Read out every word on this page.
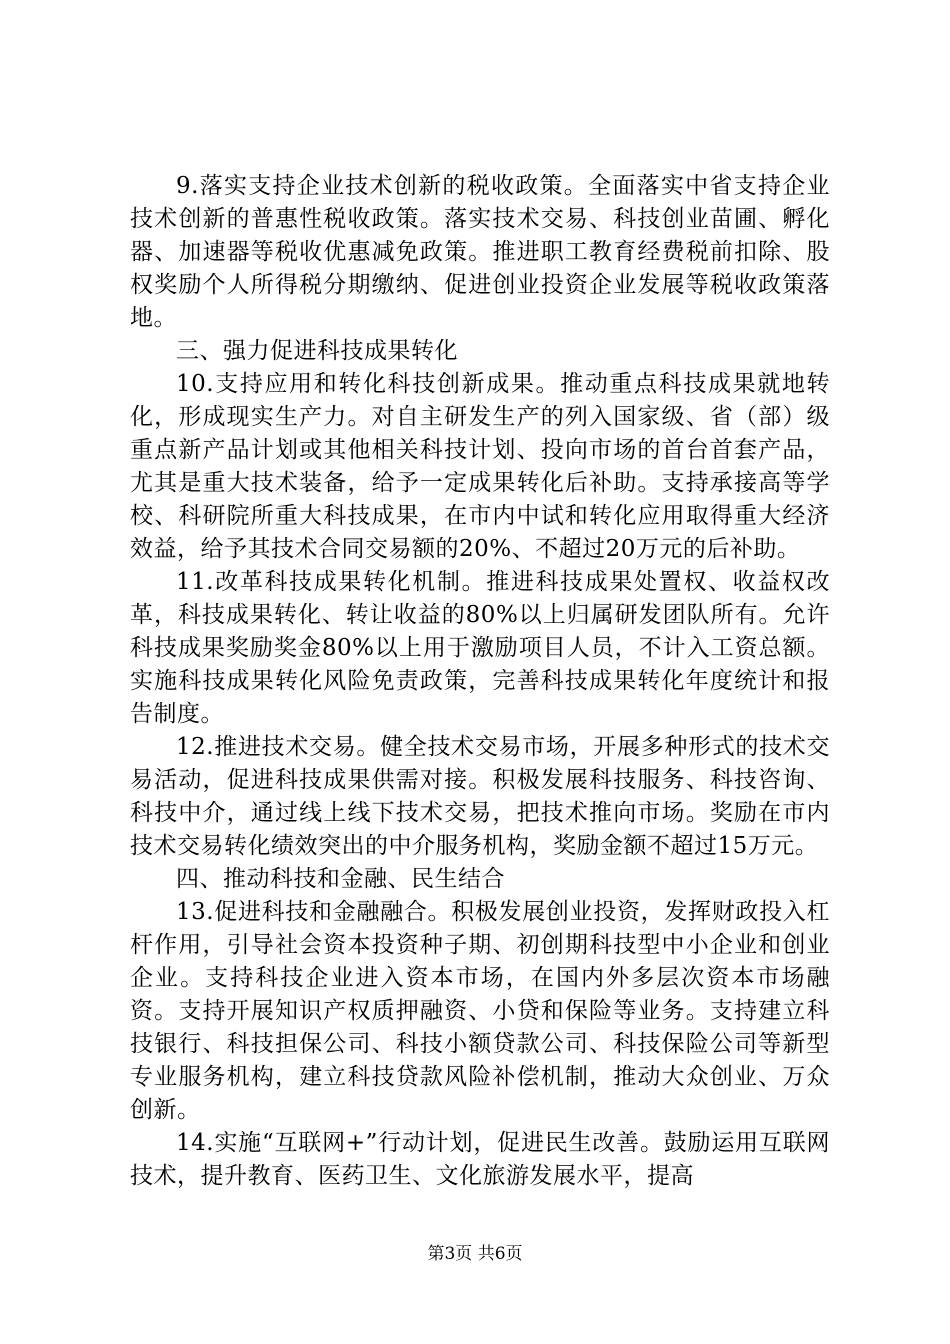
9.落实支持企业技术创新的税收政策。全面落实中省支持企业技术创新的普惠性税收政策。落实技术交易、科技创业苗圃、孵化器、加速器等税收优惠减免政策。推进职工教育经费税前扣除、股权奖励个人所得税分期缴纳、促进创业投资企业发展等税收政策落地。

三、强力促进科技成果转化

10.支持应用和转化科技创新成果。推动重点科技成果就地转化，形成现实生产力。对自主研发生产的列入国家级、省（部）级重点新产品计划或其他相关科技计划、投向市场的首台首套产品，尤其是重大技术装备，给予一定成果转化后补助。支持承接高等学校、科研院所重大科技成果，在市内中试和转化应用取得重大经济效益，给予其技术合同交易额的20%、不超过20万元的后补助。

11.改革科技成果转化机制。推进科技成果处置权、收益权改革，科技成果转化、转让收益的80%以上归属研发团队所有。允许科技成果奖励奖金80%以上用于激励项目人员，不计入工资总额。实施科技成果转化风险免责政策，完善科技成果转化年度统计和报告制度。

12.推进技术交易。健全技术交易市场，开展多种形式的技术交易活动，促进科技成果供需对接。积极发展科技服务、科技咨询、科技中介，通过线上线下技术交易，把技术推向市场。奖励在市内技术交易转化绩效突出的中介服务机构，奖励金额不超过15万元。

四、推动科技和金融、民生结合

13.促进科技和金融融合。积极发展创业投资，发挥财政投入杠杆作用，引导社会资本投资种子期、初创期科技型中小企业和创业企业。支持科技企业进入资本市场，在国内外多层次资本市场融资。支持开展知识产权质押融资、小贷和保险等业务。支持建立科技银行、科技担保公司、科技小额贷款公司、科技保险公司等新型专业服务机构，建立科技贷款风险补偿机制，推动大众创业、万众创新。

14.实施“互联网+”行动计划，促进民生改善。鼓励运用互联网技术，提升教育、医药卫生、文化旅游发展水平，提高

第3页 共6页
